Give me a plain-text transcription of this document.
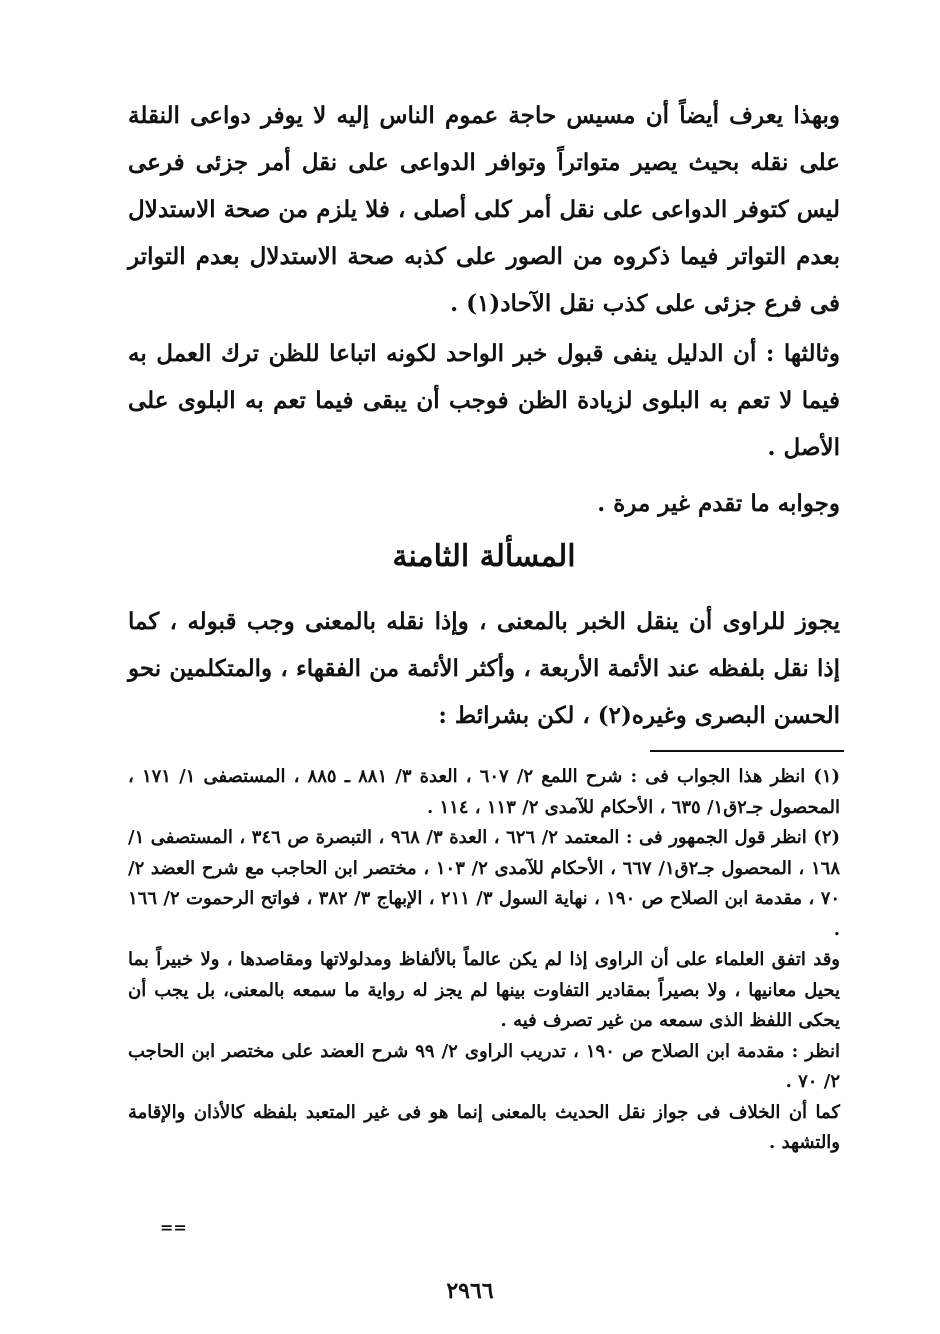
وبهذا يعرف أيضاً أن مسيس حاجة عموم الناس إليه لا يوفر دواعى النقلة على نقله بحيث يصير متواتراً وتوافر الدواعى على نقل أمر جزئى فرعى ليس كتوفر الدواعى على نقل أمر كلى أصلى ، فلا يلزم من صحة الاستدلال بعدم التواتر فيما ذكروه من الصور على كذبه صحة الاستدلال بعدم التواتر فى فرع جزئى على كذب نقل الآحاد(١) .

وثالثها : أن الدليل ينفى قبول خبر الواحد لكونه اتباعا للظن ترك العمل به فيما لا تعم به البلوى لزيادة الظن فوجب أن يبقى فيما تعم به البلوى على الأصل .

وجوابه ما تقدم غير مرة .

المسألة الثامنة

يجوز للراوى أن ينقل الخبر بالمعنى ، وإذا نقله بالمعنى وجب قبوله ، كما إذا نقل بلفظه عند الأئمة الأربعة ، وأكثر الأئمة من الفقهاء ، والمتكلمين نحو الحسن البصرى وغيره(٢) ، لكن بشرائط :

(١) انظر هذا الجواب فى : شرح اللمع ٢/ ٦٠٧ ، العدة ٣/ ٨٨١ ـ ٨٨٥ ، المستصفى ١/ ١٧١ ، المحصول جـ٢ق١/ ٦٣٥ ، الأحكام للآمدى ٢/ ١١٣ ، ١١٤ .

(٢) انظر قول الجمهور فى : المعتمد ٢/ ٦٢٦ ، العدة ٣/ ٩٦٨ ، التبصرة ص ٣٤٦ ، المستصفى ١/ ١٦٨ ، المحصول جـ٢ق١/ ٦٦٧ ، الأحكام للآمدى ٢/ ١٠٣ ، مختصر ابن الحاجب مع شرح العضد ٢/ ٧٠ ، مقدمة ابن الصلاح ص ١٩٠ ، نهاية السول ٣/ ٢١١ ، الإبهاج ٣/ ٣٨٢ ، فواتح الرحموت ٢/ ١٦٦ .

وقد اتفق العلماء على أن الراوى إذا لم يكن عالماً بالألفاظ ومدلولاتها ومقاصدها ، ولا خبيراً بما يحيل معانيها ، ولا بصيراً بمقادير التفاوت بينها لم يجز له رواية ما سمعه بالمعنى، بل يجب أن يحكى اللفظ الذى سمعه من غير تصرف فيه .

انظر : مقدمة ابن الصلاح ص ١٩٠ ، تدريب الراوى ٢/ ٩٩ شرح العضد على مختصر ابن الحاجب ٢/ ٧٠ .

كما أن الخلاف فى جواز نقل الحديث بالمعنى إنما هو فى غير المتعبد بلفظه كالأذان والإقامة والتشهد .

==
٢٩٦٦
